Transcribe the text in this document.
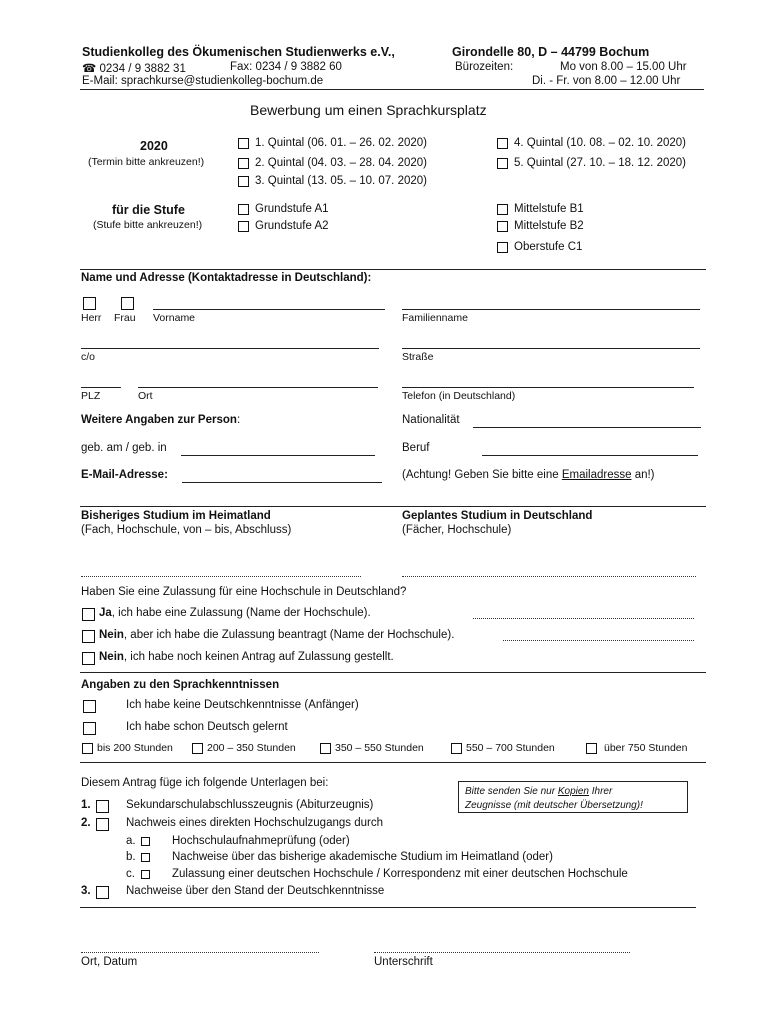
Studienkolleg des Ökumenischen Studienwerks e.V.,	Girondelle 80, D – 44799 Bochum
☎ 0234 / 9 3882 31	Fax: 0234 / 9 3882 60	Bürozeiten:	Mo von 8.00 – 15.00 Uhr
E-Mail: sprachkurse@studienkolleg-bochum.de	Di. - Fr. von 8.00 – 12.00 Uhr
Bewerbung um einen Sprachkursplatz
2020
(Termin bitte ankreuzen!)
1. Quintal (06. 01. – 26. 02. 2020)
2. Quintal (04. 03. – 28. 04. 2020)
3. Quintal (13. 05. – 10. 07. 2020)
4. Quintal (10. 08. – 02. 10. 2020)
5. Quintal (27. 10. – 18. 12. 2020)
für die Stufe
(Stufe bitte ankreuzen!)
Grundstufe A1
Grundstufe A2
Mittelstufe B1
Mittelstufe B2
Oberstufe C1
Name und Adresse (Kontaktadresse in Deutschland):
Herr Frau Vorname	Familienname
c/o	Straße
PLZ	Ort	Telefon (in Deutschland)
Weitere Angaben zur Person:	Nationalität
geb. am / geb. in	Beruf
E-Mail-Adresse:	(Achtung! Geben Sie bitte eine Emailadresse an!)
Bisheriges Studium im Heimatland
(Fach, Hochschule, von – bis, Abschluss)
Geplantes Studium in Deutschland
(Fächer, Hochschule)
Haben Sie eine Zulassung für eine Hochschule in Deutschland?
Ja, ich habe eine Zulassung (Name der Hochschule).
Nein, aber ich habe die Zulassung beantragt (Name der Hochschule).
Nein, ich habe noch keinen Antrag auf Zulassung gestellt.
Angaben zu den Sprachkenntnissen
Ich habe keine Deutschkenntnisse (Anfänger)
Ich habe schon Deutsch gelernt
bis 200 Stunden	200 – 350 Stunden	350 – 550 Stunden	550 – 700 Stunden	über 750 Stunden
Diesem Antrag füge ich folgende Unterlagen bei:
Bitte senden Sie nur Kopien Ihrer
Zeugnisse (mit deutscher Übersetzung)!
1.	Sekundarschulabschlusszeugnis (Abiturzeugnis)
2.	Nachweis eines direkten Hochschulzugangs durch
a.	Hochschulaufnahmeprüfung (oder)
b.	Nachweise über das bisherige akademische Studium im Heimatland (oder)
c.	Zulassung einer deutschen Hochschule / Korrespondenz mit einer deutschen Hochschule
3.	Nachweise über den Stand der Deutschkenntnisse
Ort, Datum	Unterschrift
